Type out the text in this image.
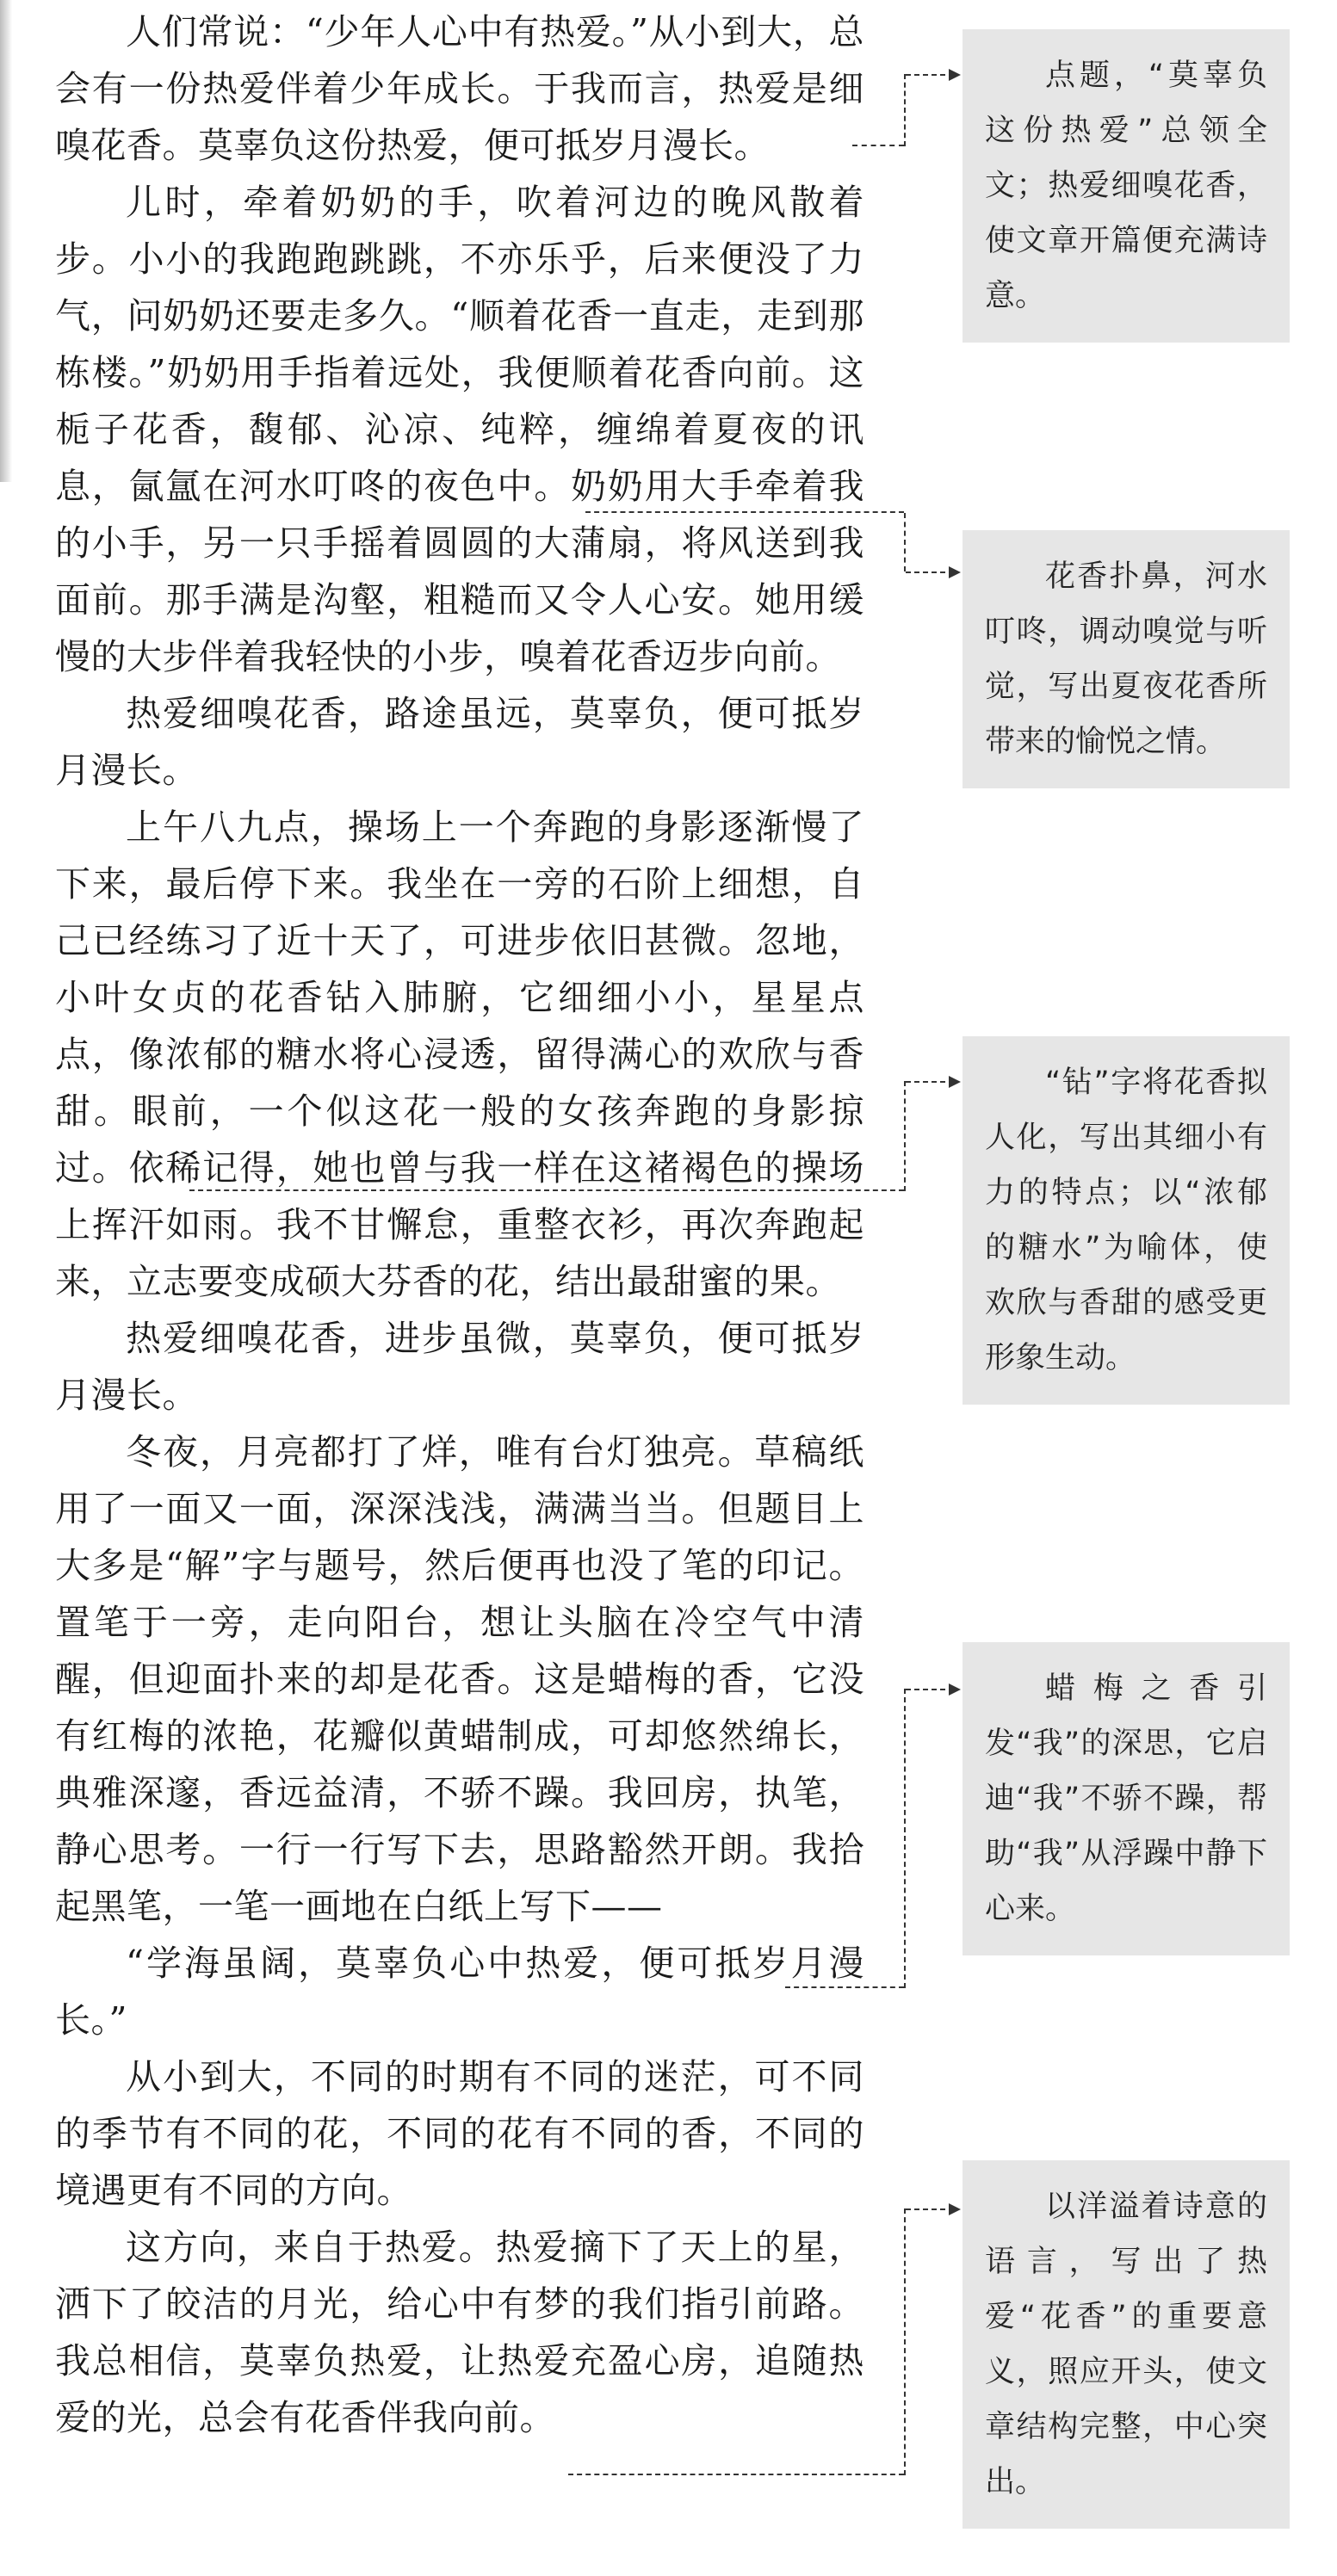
人们常说：“少年人心中有热爱。”从小到大，总会有一份热爱伴着少年成长。于我而言，热爱是细嗅花香。莫辜负这份热爱，便可抵岁月漫长。

儿时，牵着奶奶的手，吹着河边的晚风散着步。小小的我跑跑跳跳，不亦乐乎，后来便没了力气，问奶奶还要走多久。“顺着花香一直走，走到那栋楼。”奶奶用手指着远处，我便顺着花香向前。这栀子花香，馥郁、沁凉、纯粹，缠绵着夏夜的讯息，氤氲在河水叮咚的夜色中。奶奶用大手牵着我的小手，另一只手摇着圆圆的大蒲扇，将风送到我面前。那手满是沟壑，粗糙而又令人心安。她用缓慢的大步伴着我轻快的小步，嗅着花香迈步向前。

热爱细嗅花香，路途虽远，莫辜负，便可抵岁月漫长。

上午八九点，操场上一个奔跑的身影逐渐慢了下来，最后停下来。我坐在一旁的石阶上细想，自己已经练习了近十天了，可进步依旧甚微。忽地，小叶女贞的花香钻入肺腑，它细细小小，星星点点，像浓郁的糖水将心浸透，留得满心的欢欣与香甜。眼前，一个似这花一般的女孩奔跑的身影掠过。依稀记得，她也曾与我一样在这褚褐色的操场上挥汗如雨。我不甘懈怠，重整衣衫，再次奔跑起来，立志要变成硕大芬香的花，结出最甜蜜的果。

热爱细嗅花香，进步虽微，莫辜负，便可抵岁月漫长。

冬夜，月亮都打了烊，唯有台灯独亮。草稿纸用了一面又一面，深深浅浅，满满当当。但题目上大多是“解”字与题号，然后便再也没了笔的印记。置笔于一旁，走向阳台，想让头脑在冷空气中清醒，但迎面扑来的却是花香。这是蜡梅的香，它没有红梅的浓艳，花瓣似黄蜡制成，可却悠然绵长，典雅深邃，香远益清，不骄不躁。我回房，执笔，静心思考。一行一行写下去，思路豁然开朗。我拾起黑笔，一笔一画地在白纸上写下——

“学海虽阔，莫辜负心中热爱，便可抵岁月漫长。”

从小到大，不同的时期有不同的迷茫，可不同的季节有不同的花，不同的花有不同的香，不同的境遇更有不同的方向。

这方向，来自于热爱。热爱摘下了天上的星，洒下了皎洁的月光，给心中有梦的我们指引前路。我总相信，莫辜负热爱，让热爱充盈心房，追随热爱的光，总会有花香伴我向前。

点题，“莫辜负这份热爱”总领全文；热爱细嗅花香，使文章开篇便充满诗意。
花香扑鼻，河水叮咚，调动嗅觉与听觉，写出夏夜花香所带来的愉悦之情。
“钻”字将花香拟人化，写出其细小有力的特点；以“浓郁的糖水”为喻体，使欢欣与香甜的感受更形象生动。
蜡梅之香引发“我”的深思，它启迪“我”不骄不躁，帮助“我”从浮躁中静下心来。
以洋溢着诗意的语言，写出了热爱“花香”的重要意义，照应开头，使文章结构完整，中心突出。
